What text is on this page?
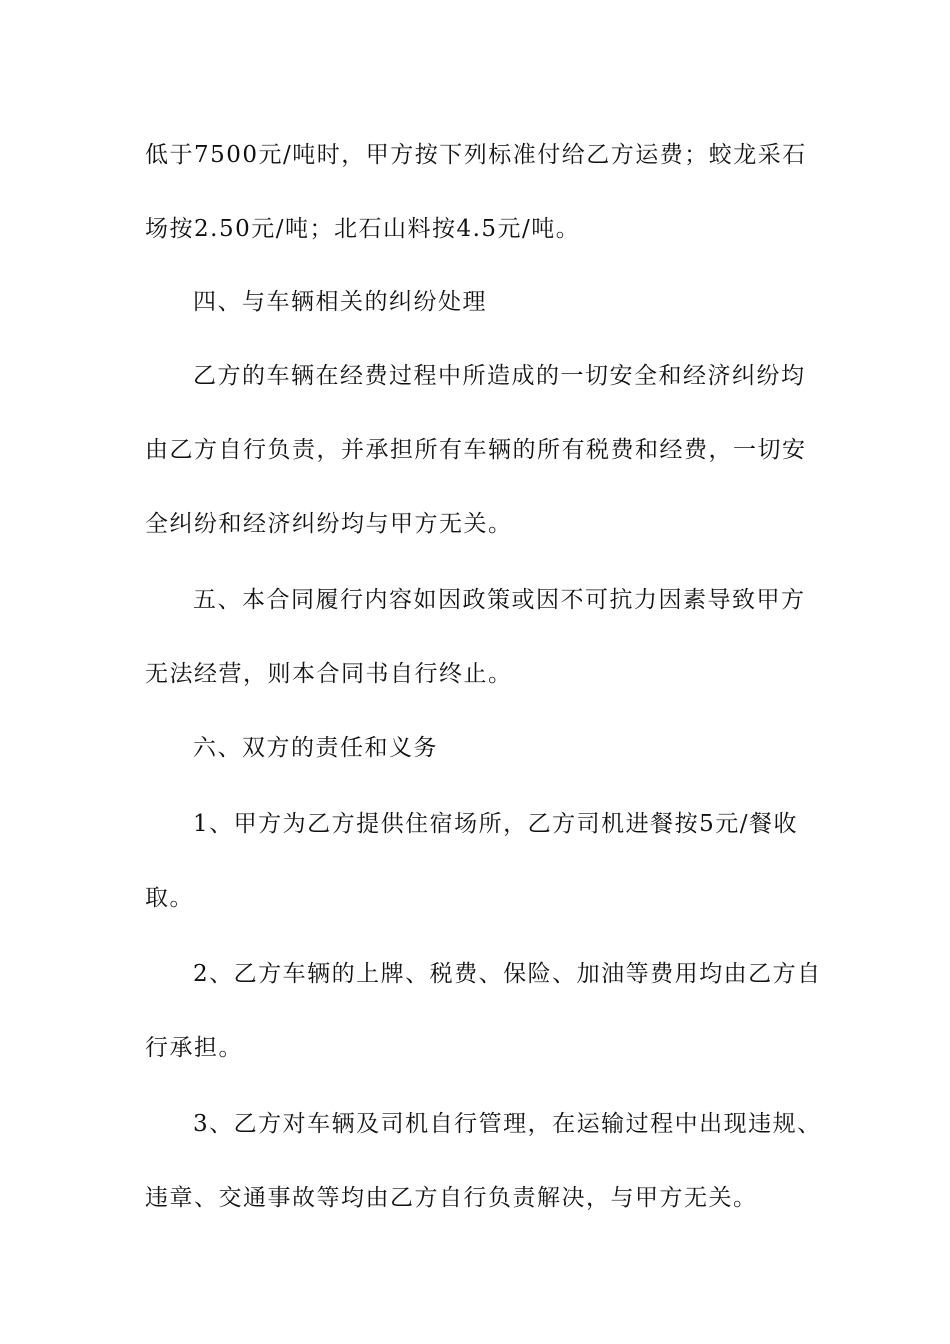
低于7500元/吨时，甲方按下列标准付给乙方运费；蛟龙采石
场按2.50元/吨；北石山料按4.5元/吨。
四、与车辆相关的纠纷处理
乙方的车辆在经费过程中所造成的一切安全和经济纠纷均
由乙方自行负责，并承担所有车辆的所有税费和经费，一切安
全纠纷和经济纠纷均与甲方无关。
五、本合同履行内容如因政策或因不可抗力因素导致甲方
无法经营，则本合同书自行终止。
六、双方的责任和义务
1、甲方为乙方提供住宿场所，乙方司机进餐按5元/餐收
取。
2、乙方车辆的上牌、税费、保险、加油等费用均由乙方自
行承担。
3、乙方对车辆及司机自行管理，在运输过程中出现违规、
违章、交通事故等均由乙方自行负责解决，与甲方无关。
